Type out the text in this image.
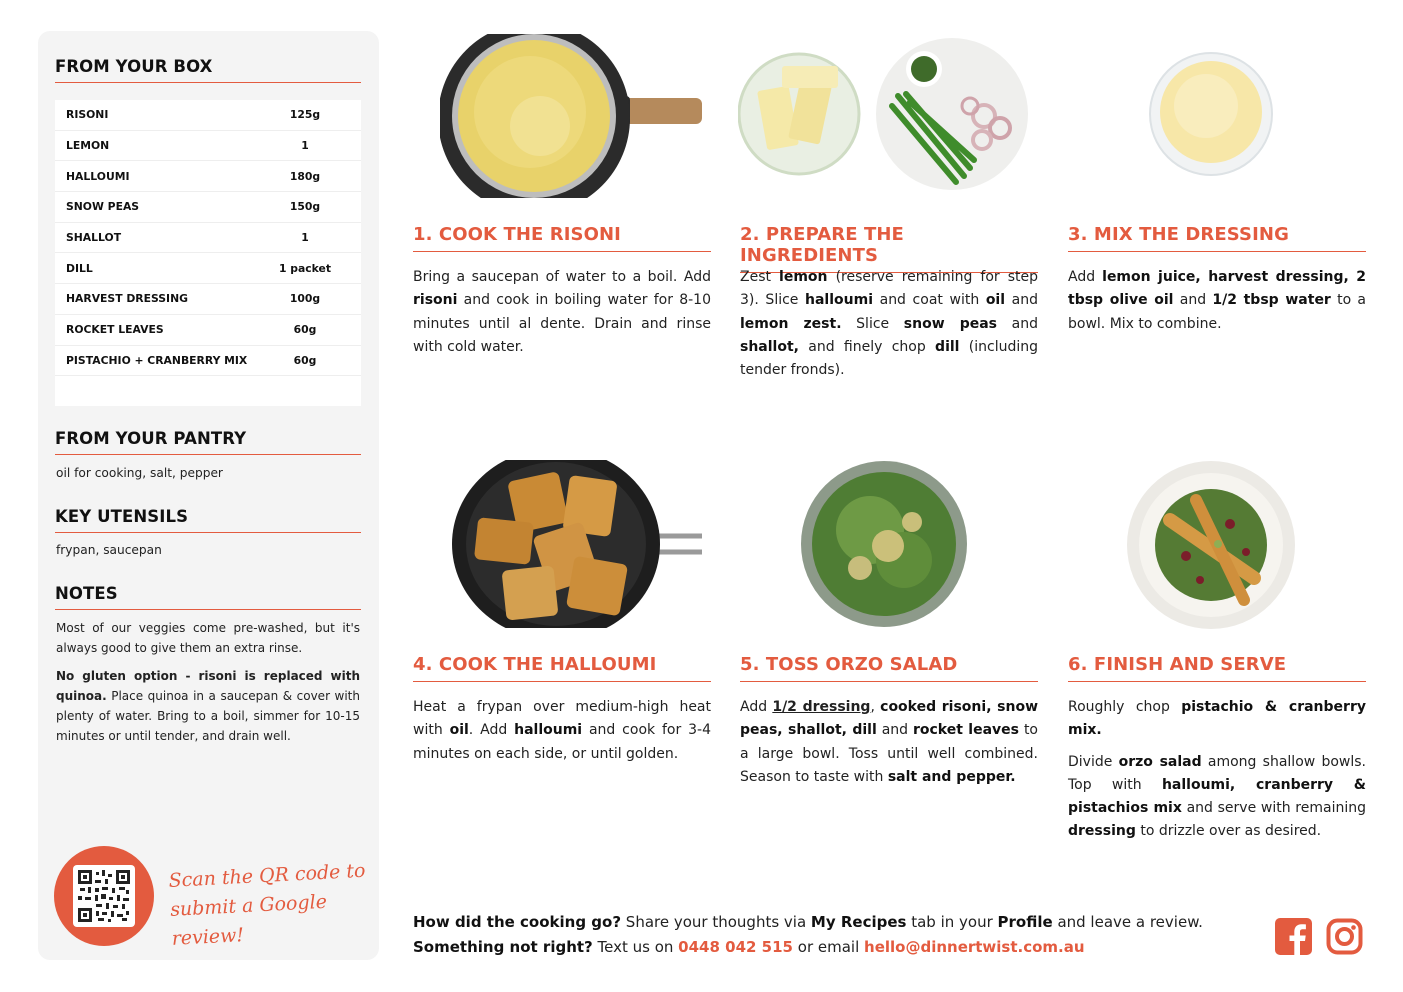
FROM YOUR BOX
RISONI	125g
LEMON	1
HALLOUMI	180g
SNOW PEAS	150g
SHALLOT	1
DILL	1 packet
HARVEST DRESSING	100g
ROCKET LEAVES	60g
PISTACHIO + CRANBERRY MIX	60g
FROM YOUR PANTRY
oil for cooking, salt, pepper
KEY UTENSILS
frypan, saucepan
NOTES
Most of our veggies come pre-washed, but it's always good to give them an extra rinse.
No gluten option - risoni is replaced with quinoa. Place quinoa in a saucepan & cover with plenty of water. Bring to a boil, simmer for 10-15 minutes or until tender, and drain well.
Scan the QR code to
submit a Google review!
1. COOK THE RISONI
Bring a saucepan of water to a boil. Add risoni and cook in boiling water for 8-10 minutes until al dente. Drain and rinse with cold water.
2. PREPARE THE INGREDIENTS
Zest lemon (reserve remaining for step 3). Slice halloumi and coat with oil and lemon zest. Slice snow peas and shallot, and finely chop dill (including tender fronds).
3. MIX THE DRESSING
Add lemon juice, harvest dressing, 2 tbsp olive oil and 1/2 tbsp water to a bowl. Mix to combine.
4. COOK THE HALLOUMI
Heat a frypan over medium-high heat with oil. Add halloumi and cook for 3-4 minutes on each side, or until golden.
5. TOSS ORZO SALAD
Add 1/2 dressing, cooked risoni, snow peas, shallot, dill and rocket leaves to a large bowl. Toss until well combined. Season to taste with salt and pepper.
6. FINISH AND SERVE
Roughly chop pistachio & cranberry mix.
Divide orzo salad among shallow bowls. Top with halloumi, cranberry & pistachios mix and serve with remaining dressing to drizzle over as desired.
How did the cooking go? Share your thoughts via My Recipes tab in your Profile and leave a review.
Something not right? Text us on 0448 042 515 or email hello@dinnertwist.com.au
